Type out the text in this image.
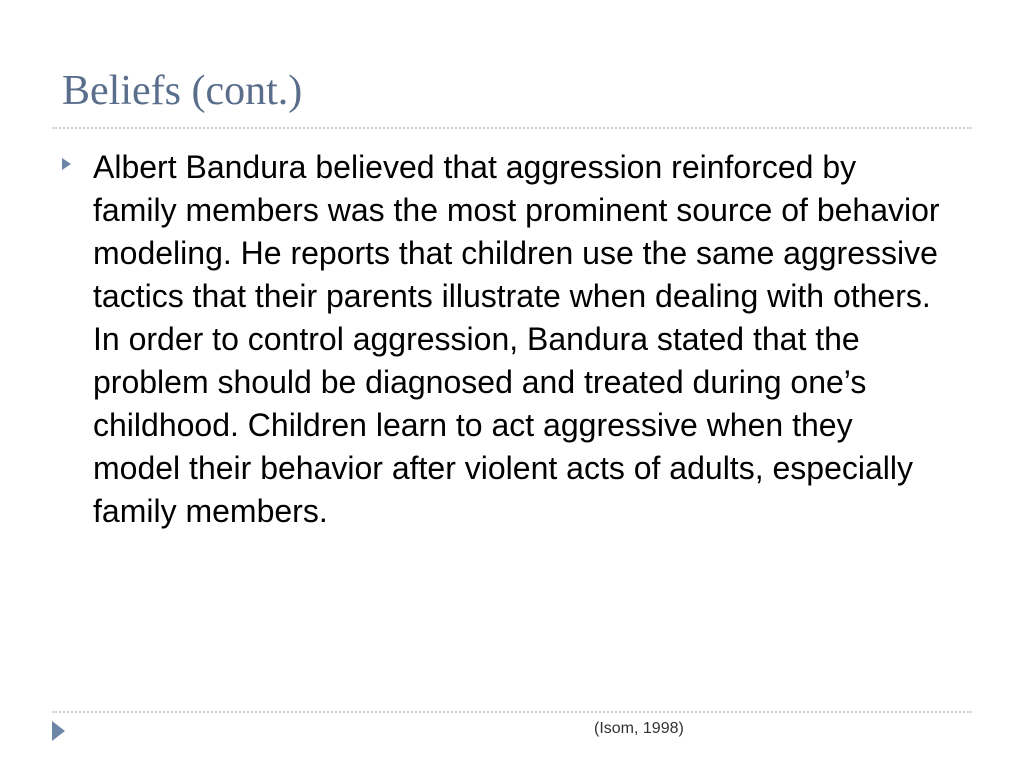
Beliefs (cont.)

Albert Bandura believed that aggression reinforced by family members was the most prominent source of behavior modeling. He reports that children use the same aggressive tactics that their parents illustrate when dealing with others. In order to control aggression, Bandura stated that the problem should be diagnosed and treated during one’s childhood. Children learn to act aggressive when they model their behavior after violent acts of adults, especially family members.

(Isom, 1998)
